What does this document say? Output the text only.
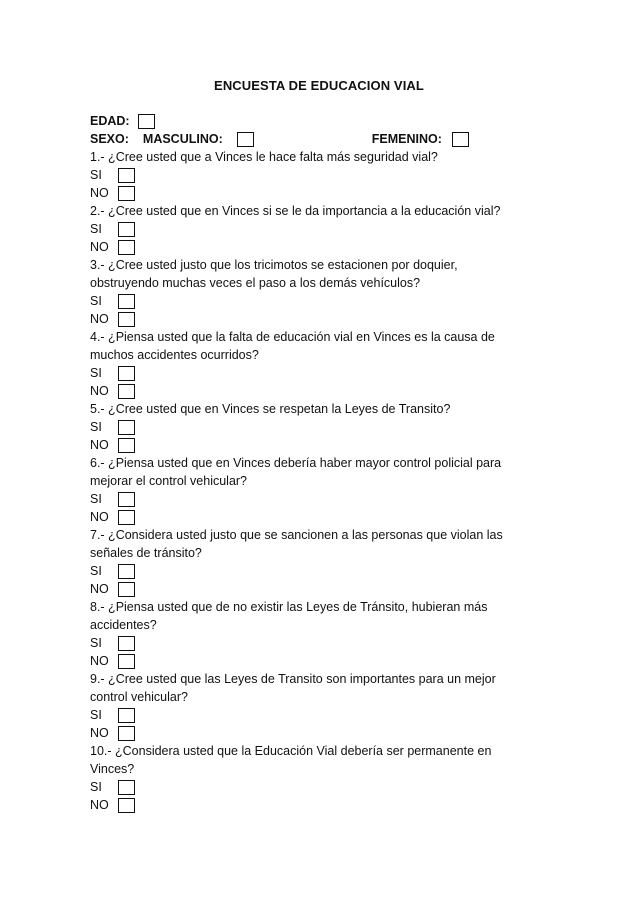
ENCUESTA DE EDUCACION VIAL
EDAD:
SEXO: MASCULINO:	FEMENINO:
1.- ¿Cree usted que a Vinces le hace falta más seguridad vial?
SI
NO
2.- ¿Cree usted que en Vinces si se le da importancia a la educación vial?
SI
NO
3.- ¿Cree usted justo que los tricimotos se estacionen por doquier,
obstruyendo muchas veces el paso a los demás vehículos?
SI
NO
4.- ¿Piensa usted que la falta de educación vial en Vinces es la causa de
muchos accidentes ocurridos?
SI
NO
5.- ¿Cree usted que en Vinces se respetan la Leyes de Transito?
SI
NO
6.- ¿Piensa usted que en Vinces debería haber mayor control policial para
mejorar el control vehicular?
SI
NO
7.- ¿Considera usted justo que se sancionen a las personas que violan las
señales de tránsito?
SI
NO
8.- ¿Piensa usted que de no existir las Leyes de Tránsito, hubieran más
accidentes?
SI
NO
9.- ¿Cree usted que las Leyes de Transito son importantes para un mejor
control vehicular?
SI
NO
10.- ¿Considera usted que la Educación Vial debería ser permanente en
Vinces?
SI
NO
